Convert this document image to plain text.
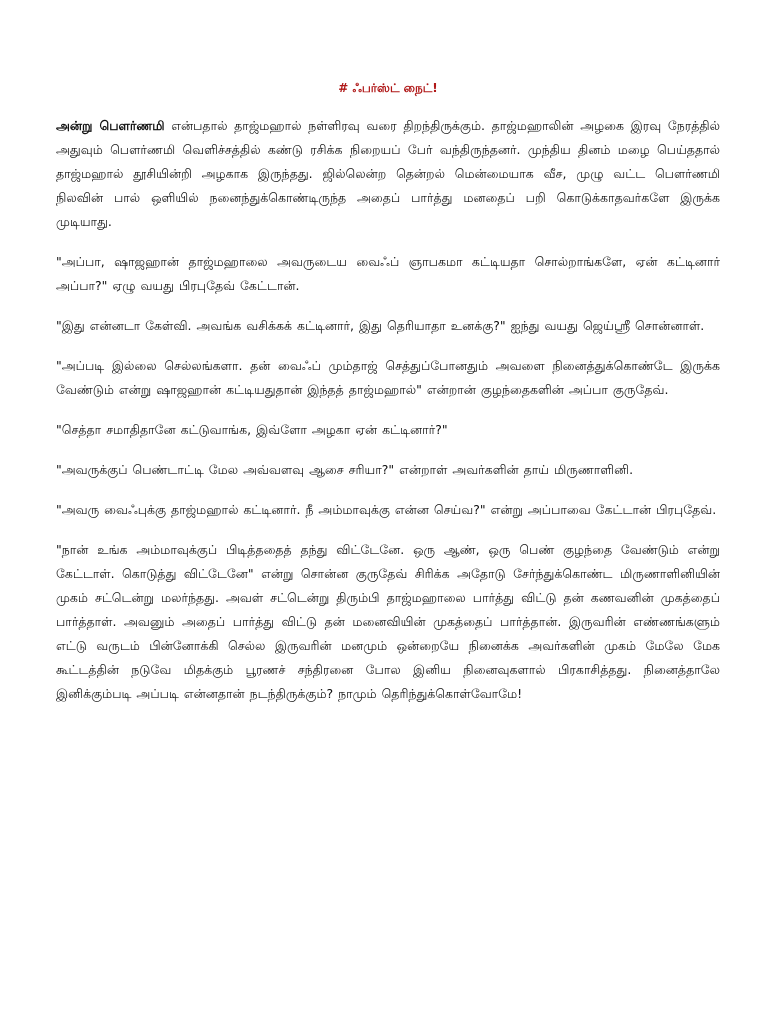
# ஃபர்ஸ்ட் நைட்!

அன்று பௌர்ணமி என்பதால் தாஜ்மஹால் நள்ளிரவு வரை திறந்திருக்கும். தாஜ்மஹாலின் அழகை இரவு நேரத்தில் அதுவும் பௌர்ணமி வெளிச்சத்தில் கண்டு ரசிக்க நிறையப் பேர் வந்திருந்தனர். முந்திய தினம் மழை பெய்ததால் தாஜ்மஹால் தூசியின்றி அழகாக இருந்தது. ஜில்லென்ற தென்றல் மென்மையாக வீச, முழு வட்ட பௌர்ணமி நிலவின் பால் ஒளியில் நனைந்துக்கொண்டிருந்த அதைப் பார்த்து மனதைப் பறி கொடுக்காதவர்களே இருக்க முடியாது.

"அப்பா, ஷாஜஹான் தாஜ்மஹாலை அவருடைய வைஃப் ஞாபகமா கட்டியதா சொல்றாங்களே, ஏன் கட்டினார் அப்பா?" ஏழு வயது பிரபுதேவ் கேட்டான்.

"இது என்னடா கேள்வி. அவங்க வசிக்கக் கட்டினார், இது தெரியாதா உனக்கு?" ஐந்து வயது ஜெய்ஸ்ரீ சொன்னாள்.

"அப்படி இல்லை செல்லங்களா. தன் வைஃப் மும்தாஜ் செத்துப்போனதும் அவளை நினைத்துக்கொண்டே இருக்க வேண்டும் என்று ஷாஜஹான் கட்டியதுதான் இந்தத் தாஜ்மஹால்" என்றான் குழந்தைகளின் அப்பா குருதேவ்.

"செத்தா சமாதிதானே கட்டுவாங்க, இவ்ளோ அழகா ஏன் கட்டினார்?"

"அவருக்குப் பெண்டாட்டி மேல அவ்வளவு ஆசை சரியா?" என்றாள் அவர்களின் தாய் மிருணாளினி.

"அவரு வைஃபுக்கு தாஜ்மஹால் கட்டினார். நீ அம்மாவுக்கு என்ன செய்வ?" என்று அப்பாவை கேட்டான் பிரபுதேவ்.

"நான் உங்க அம்மாவுக்குப் பிடித்ததைத் தந்து விட்டேனே. ஒரு ஆண், ஒரு பெண் குழந்தை வேண்டும் என்று கேட்டாள். கொடுத்து விட்டேனே" என்று சொன்ன குருதேவ் சிரிக்க அதோடு சேர்ந்துக்கொண்ட மிருணாளினியின் முகம் சட்டென்று மலர்ந்தது. அவள் சட்டென்று திரும்பி தாஜ்மஹாலை பார்த்து விட்டு தன் கணவனின் முகத்தைப் பார்த்தாள். அவனும் அதைப் பார்த்து விட்டு தன் மனைவியின் முகத்தைப் பார்த்தான். இருவரின் எண்ணங்களும் எட்டு வருடம் பின்னோக்கி செல்ல இருவரின் மனமும் ஒன்றையே நினைக்க அவர்களின் முகம் மேலே மேக கூட்டத்தின் நடுவே மிதக்கும் பூரணச் சந்திரனை போல இனிய நினைவுகளால் பிரகாசித்தது. நினைத்தாலே இனிக்கும்படி அப்படி என்னதான் நடந்திருக்கும்? நாமும் தெரிந்துக்கொள்வோமே!
